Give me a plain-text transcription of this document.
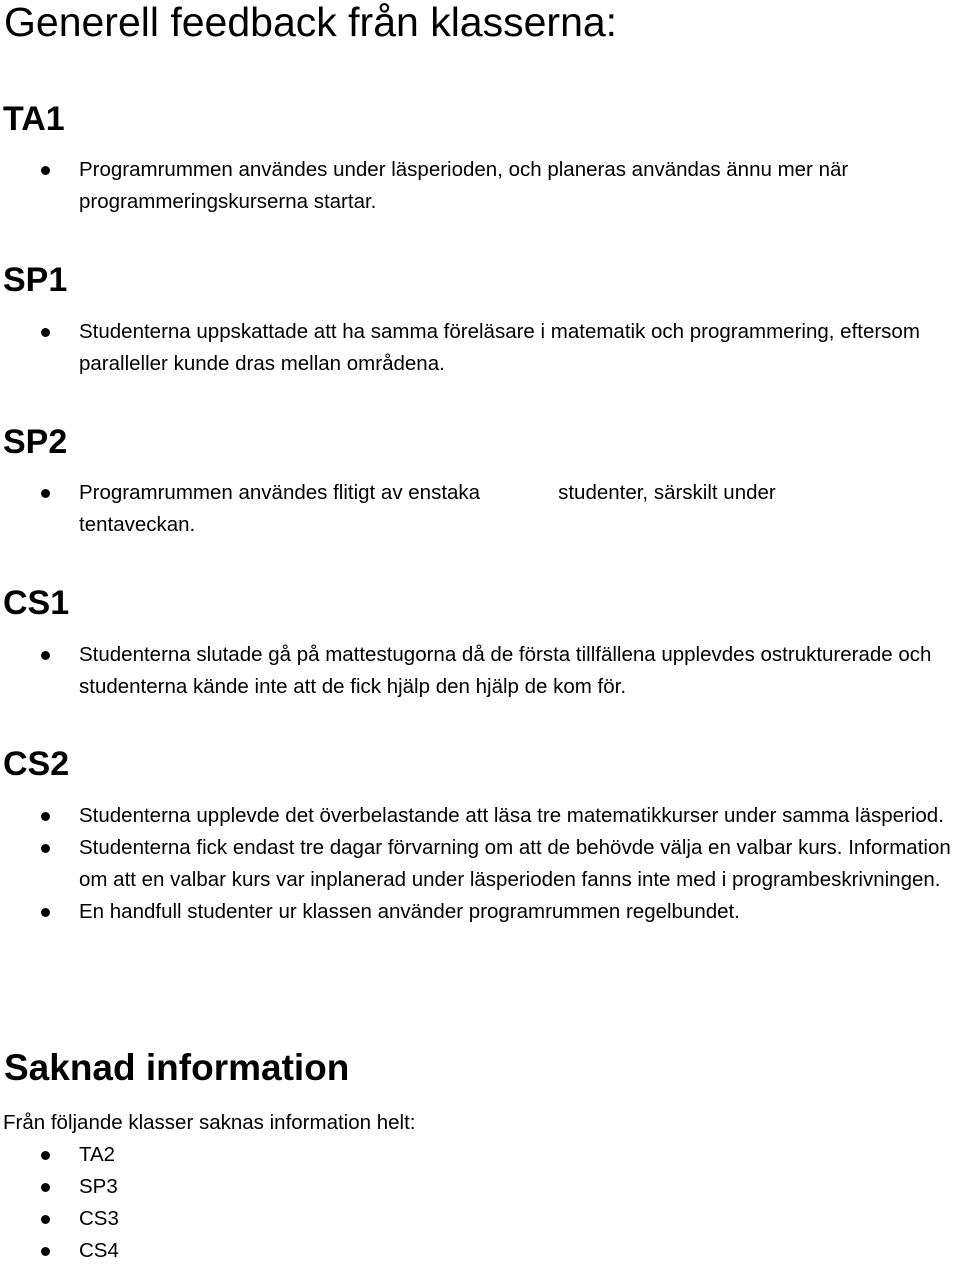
Generell feedback från klasserna:
TA1
Programrummen användes under läsperioden, och planeras användas ännu mer när programmeringskurserna startar.
SP1
Studenterna uppskattade att ha samma föreläsare i matematik och programmering, eftersom paralleller kunde dras mellan områdena.
SP2
Programrummen användes flitigt av enstaka	studenter, särskilt under
tentaveckan.
CS1
Studenterna slutade gå på mattestugorna då de första tillfällena upplevdes ostrukturerade och studenterna kände inte att de fick hjälp den hjälp de kom för.
CS2
Studenterna upplevde det överbelastande att läsa tre matematikkurser under samma läsperiod.
Studenterna fick endast tre dagar förvarning om att de behövde välja en valbar kurs. Information om att en valbar kurs var inplanerad under läsperioden fanns inte med i programbeskrivningen.
En handfull studenter ur klassen använder programrummen regelbundet.
Saknad information

Från följande klasser saknas information helt:

TA2
SP3
CS3
CS4
